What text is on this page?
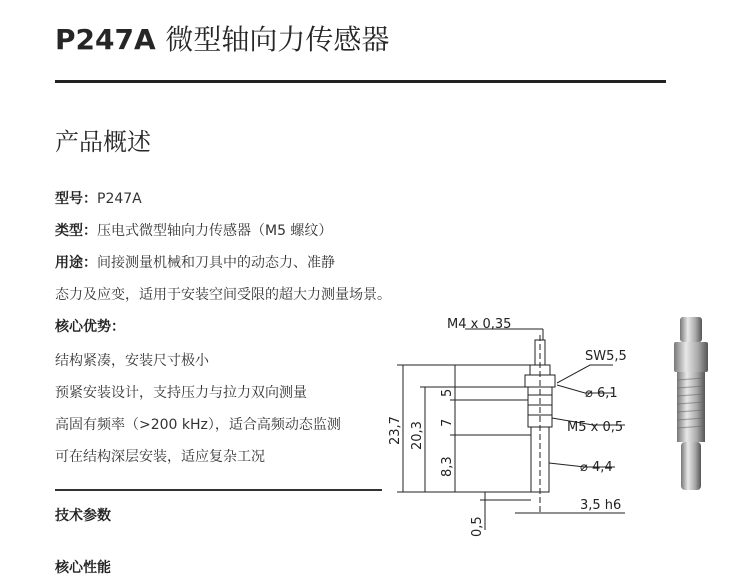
P247A 微型轴向力传感器
产品概述
型号：P247A
类型：压电式微型轴向力传感器（M5 螺纹）
用途：间接测量机械和刀具中的动态力、准静
态力及应变，适用于安装空间受限的超大力测量场景。
核心优势：
结构紧凑，安装尺寸极小
预紧安装设计，支持压力与拉力双向测量
高固有频率（>200 kHz），适合高频动态监测
可在结构深层安装，适应复杂工况
技术参数
核心性能
M4 x 0,35
SW5,5
⌀ 6,1
M5 x 0,5
⌀ 4,4
3,5 h6
23,7 20,3
5
7
8,3
0,5
